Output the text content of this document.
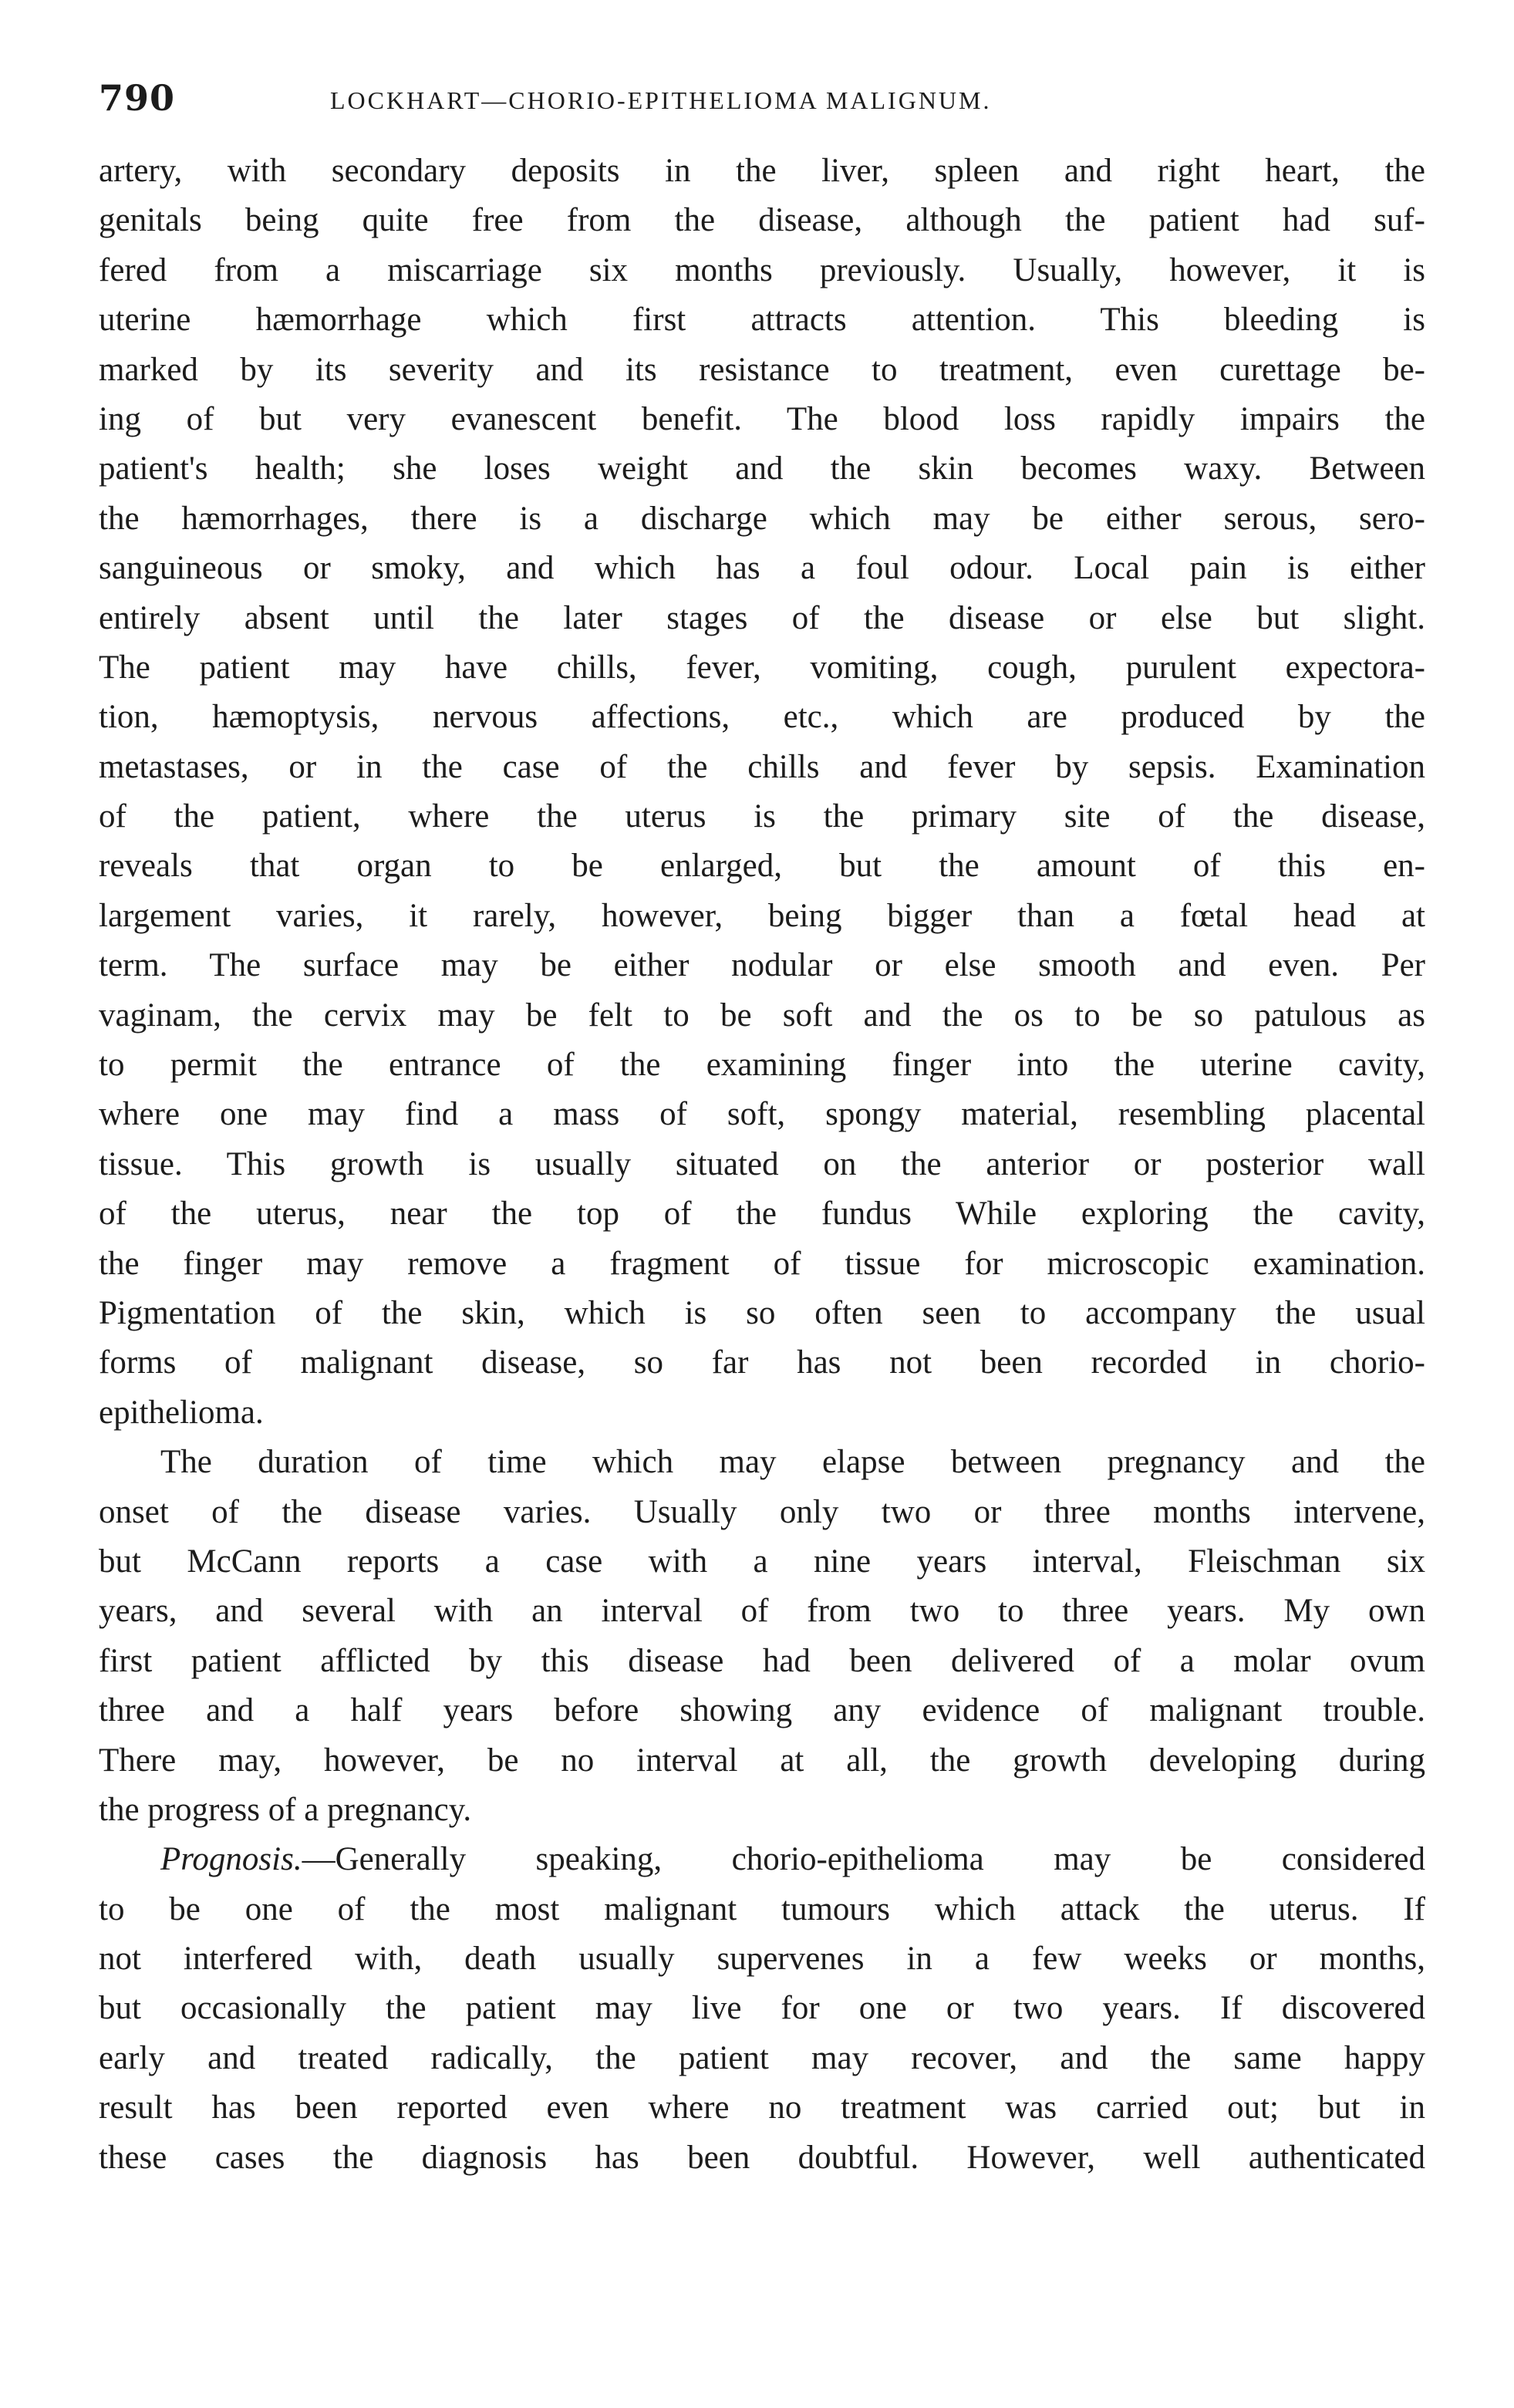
790	LOCKHART—CHORIO-EPITHELIOMA MALIGNUM.
artery, with secondary deposits in the liver, spleen and right heart, the
genitals being quite free from the disease, although the patient had suf-
fered from a miscarriage six months previously. Usually, however, it is
uterine hæmorrhage which first attracts attention. This bleeding is
marked by its severity and its resistance to treatment, even curettage be-
ing of but very evanescent benefit. The blood loss rapidly impairs the
patient's health; she loses weight and the skin becomes waxy. Between
the hæmorrhages, there is a discharge which may be either serous, sero-
sanguineous or smoky, and which has a foul odour. Local pain is either
entirely absent until the later stages of the disease or else but slight.
The patient may have chills, fever, vomiting, cough, purulent expectora-
tion, hæmoptysis, nervous affections, etc., which are produced by the
metastases, or in the case of the chills and fever by sepsis. Examination
of the patient, where the uterus is the primary site of the disease,
reveals that organ to be enlarged, but the amount of this en-
largement varies, it rarely, however, being bigger than a fœtal head at
term. The surface may be either nodular or else smooth and even. Per
vaginam, the cervix may be felt to be soft and the os to be so patulous as
to permit the entrance of the examining finger into the uterine cavity,
where one may find a mass of soft, spongy material, resembling placental
tissue. This growth is usually situated on the anterior or posterior wall
of the uterus, near the top of the fundus While exploring the cavity,
the finger may remove a fragment of tissue for microscopic examination.
Pigmentation of the skin, which is so often seen to accompany the usual
forms of malignant disease, so far has not been recorded in chorio-
epithelioma.
The duration of time which may elapse between pregnancy and the
onset of the disease varies. Usually only two or three months intervene,
but McCann reports a case with a nine years interval, Fleischman six
years, and several with an interval of from two to three years. My own
first patient afflicted by this disease had been delivered of a molar ovum
three and a half years before showing any evidence of malignant trouble.
There may, however, be no interval at all, the growth developing during
the progress of a pregnancy.
Prognosis.—Generally speaking, chorio-epithelioma may be considered
to be one of the most malignant tumours which attack the uterus. If
not interfered with, death usually supervenes in a few weeks or months,
but occasionally the patient may live for one or two years. If discovered
early and treated radically, the patient may recover, and the same happy
result has been reported even where no treatment was carried out; but in
these cases the diagnosis has been doubtful. However, well authenticated
